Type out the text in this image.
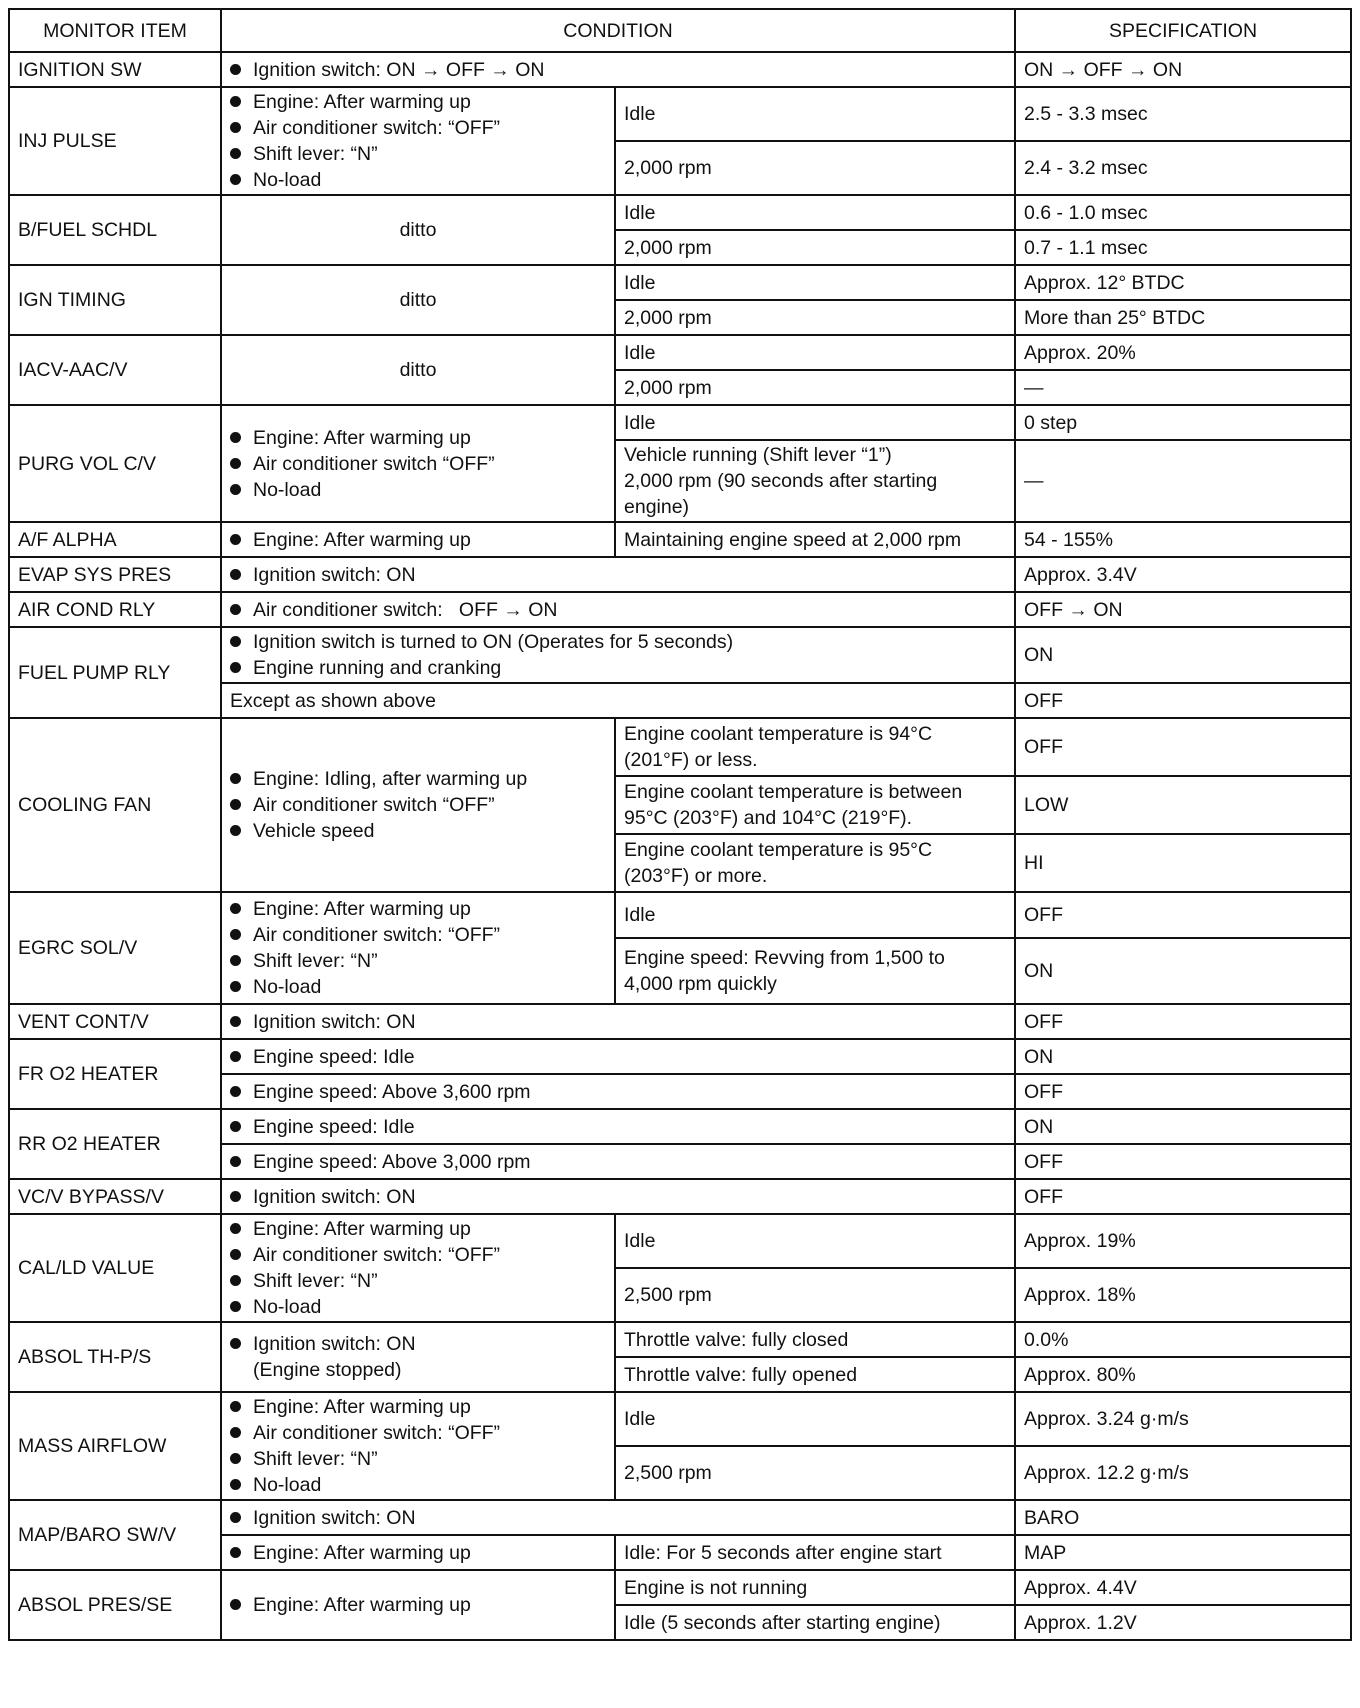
MONITOR ITEM	CONDITION		SPECIFICATION
IGNITION SW	Ignition switch: ON → OFF → ON		ON → OFF → ON
INJ PULSE	Engine: After warming up
Air conditioner switch: “OFF”
Shift lever: “N”
No-load	Idle	2.5 - 3.3 msec
		2,000 rpm	2.4 - 3.2 msec
B/FUEL SCHDL	ditto	Idle	0.6 - 1.0 msec
		2,000 rpm	0.7 - 1.1 msec
IGN TIMING	ditto	Idle	Approx. 12° BTDC
		2,000 rpm	More than 25° BTDC
IACV-AAC/V	ditto	Idle	Approx. 20%
		2,000 rpm	—
PURG VOL C/V	Engine: After warming up
Air conditioner switch “OFF”
No-load	Idle	0 step

		Vehicle running (Shift lever “1”)
2,000 rpm (90 seconds after starting
engine)	—
A/F ALPHA	Engine: After warming up	Maintaining engine speed at 2,000 rpm	54 - 155%
EVAP SYS PRES	Ignition switch: ON		Approx. 3.4V
AIR COND RLY	Air conditioner switch:   OFF → ON		OFF → ON
FUEL PUMP RLY	Ignition switch is turned to ON (Operates for 5 seconds)
Engine running and cranking		ON
	Except as shown above		OFF
COOLING FAN	Engine: Idling, after warming up
Air conditioner switch “OFF”
Vehicle speed	Engine coolant temperature is 94°C
(201°F) or less.	OFF

		Engine coolant temperature is between
95°C (203°F) and 104°C (219°F).	LOW

		Engine coolant temperature is 95°C
(203°F) or more.	HI
EGRC SOL/V	Engine: After warming up
Air conditioner switch: “OFF”
Shift lever: “N”
No-load	Idle	OFF

		Engine speed: Revving from 1,500 to
4,000 rpm quickly	ON
VENT CONT/V	Ignition switch: ON		OFF
FR O2 HEATER	Engine speed: Idle		ON
	Engine speed: Above 3,600 rpm		OFF
RR O2 HEATER	Engine speed: Idle		ON
	Engine speed: Above 3,000 rpm		OFF
VC/V BYPASS/V	Ignition switch: ON		OFF
CAL/LD VALUE	Engine: After warming up
Air conditioner switch: “OFF”
Shift lever: “N”
No-load	Idle	Approx. 19%
		2,500 rpm	Approx. 18%
ABSOL TH-P/S	Ignition switch: ON
(Engine stopped)	Throttle valve: fully closed	0.0%
		Throttle valve: fully opened	Approx. 80%
MASS AIRFLOW	Engine: After warming up
Air conditioner switch: “OFF”
Shift lever: “N”
No-load	Idle	Approx. 3.24 g·m/s
		2,500 rpm	Approx. 12.2 g·m/s
MAP/BARO SW/V	Ignition switch: ON		BARO
	Engine: After warming up	Idle: For 5 seconds after engine start	MAP
ABSOL PRES/SE	Engine: After warming up	Engine is not running	Approx. 4.4V
		Idle (5 seconds after starting engine)	Approx. 1.2V
